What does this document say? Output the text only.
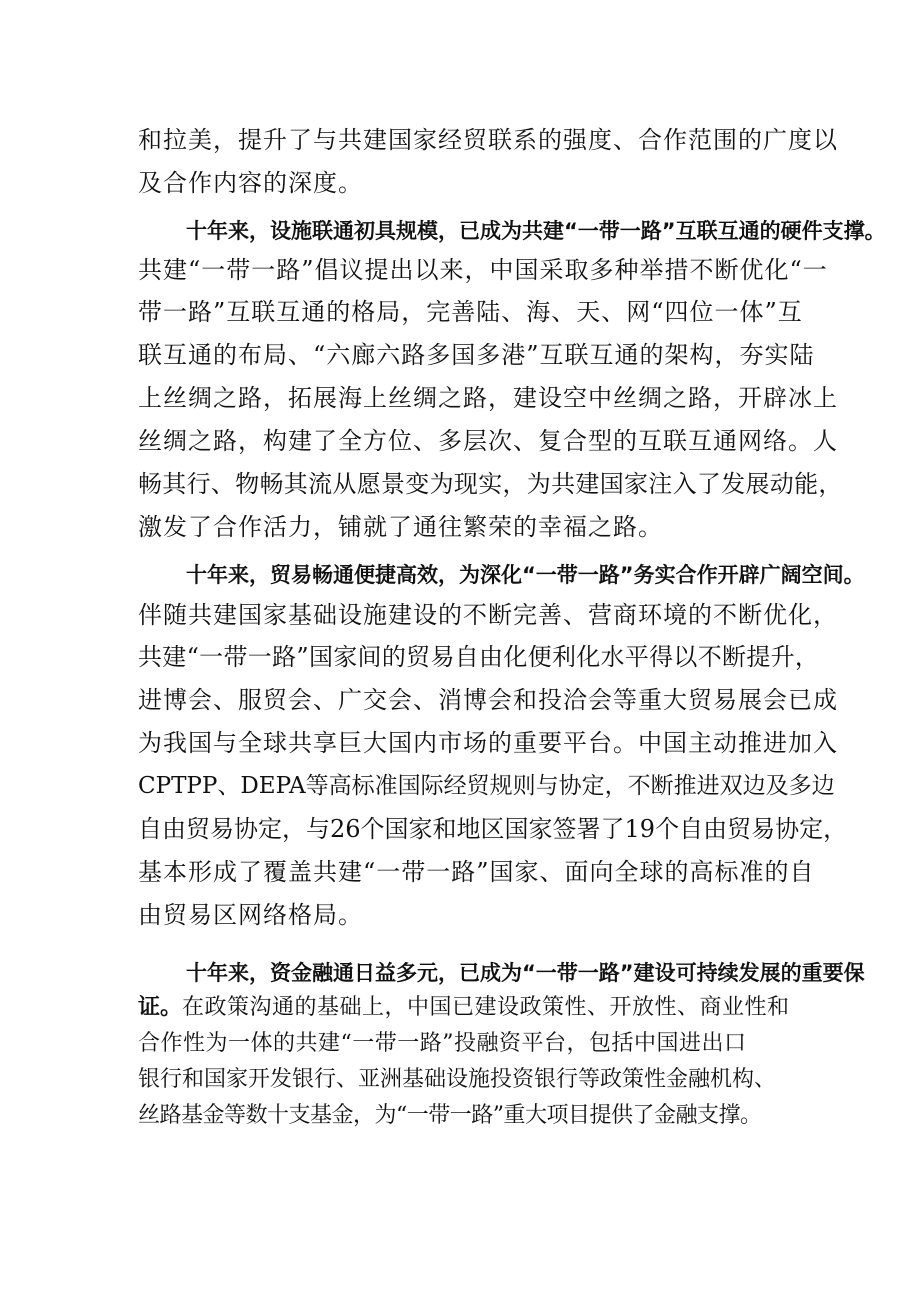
和拉美，提升了与共建国家经贸联系的强度、合作范围的广度以
及合作内容的深度。
十年来，设施联通初具规模，已成为共建“一带一路”互联互通的硬件支撑。
共建“一带一路”倡议提出以来，中国采取多种举措不断优化“一
带一路”互联互通的格局，完善陆、海、天、网“四位一体”互
联互通的布局、“六廊六路多国多港”互联互通的架构，夯实陆
上丝绸之路，拓展海上丝绸之路，建设空中丝绸之路，开辟冰上
丝绸之路，构建了全方位、多层次、复合型的互联互通网络。人
畅其行、物畅其流从愿景变为现实，为共建国家注入了发展动能，
激发了合作活力，铺就了通往繁荣的幸福之路。
十年来，贸易畅通便捷高效，为深化“一带一路”务实合作开辟广阔空间。
伴随共建国家基础设施建设的不断完善、营商环境的不断优化，
共建“一带一路”国家间的贸易自由化便利化水平得以不断提升，
进博会、服贸会、广交会、消博会和投洽会等重大贸易展会已成
为我国与全球共享巨大国内市场的重要平台。中国主动推进加入
CPTPP、DEPA等高标准国际经贸规则与协定，不断推进双边及多边
自由贸易协定，与26个国家和地区国家签署了19个自由贸易协定，
基本形成了覆盖共建“一带一路”国家、面向全球的高标准的自
由贸易区网络格局。
十年来，资金融通日益多元，已成为“一带一路”建设可持续发展的重要保
证。在政策沟通的基础上，中国已建设政策性、开放性、商业性和
合作性为一体的共建“一带一路”投融资平台，包括中国进出口
银行和国家开发银行、亚洲基础设施投资银行等政策性金融机构、
丝路基金等数十支基金，为“一带一路”重大项目提供了金融支撑。
